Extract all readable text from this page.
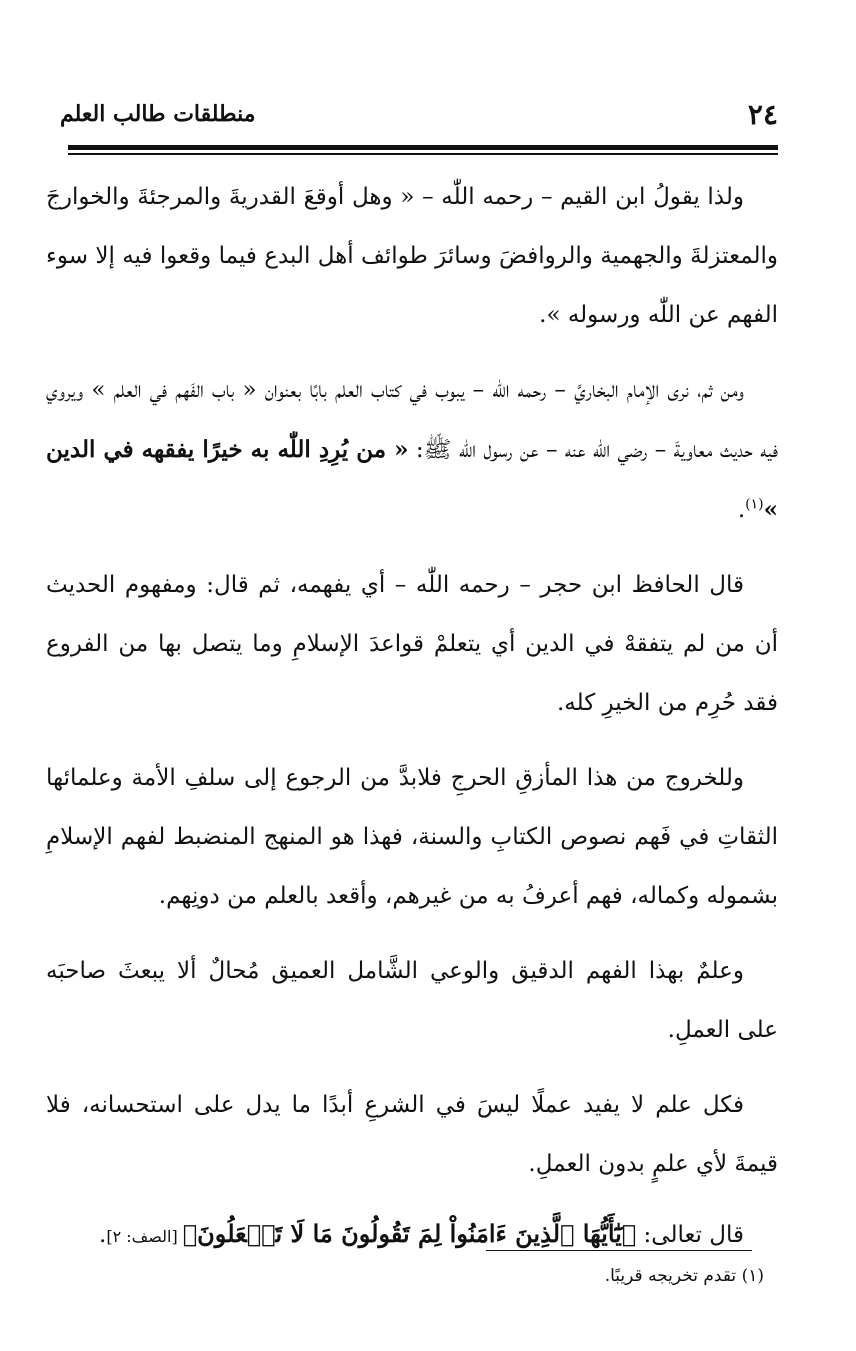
٢٤
منطلقات طالب العلم

ولذا يقولُ ابن القيم – رحمه اللّٰه – « وهل أوقعَ القدريةَ والمرجئةَ والخوارجَ والمعتزلةَ والجهمية والروافضَ وسائرَ طوائف أهل البدع فيما وقعوا فيه إلا سوء الفهم عن اللّٰه ورسوله ».

ومن ثم، نرى الإمام البخاريَّ – رحمه اللّٰه – يبوب في كتاب العلم بابًا بعنوان « باب الفَهم في العلم » ويروي فيه حديث معاويةَ – رضي اللّٰه عنه – عن رسول اللّٰه ﷺ: « من يُرِدِ اللّٰه به خيرًا يفقهه في الدين »$^{(١)}$.

قال الحافظ ابن حجر – رحمه اللّٰه – أي يفهمه، ثم قال: ومفهوم الحديث أن من لم يتفقهْ في الدين أي يتعلمْ قواعدَ الإسلامِ وما يتصل بها من الفروع فقد حُرِم من الخيرِ كله.

وللخروج من هذا المأزقِ الحرجِ فلابدَّ من الرجوع إلى سلفِ الأمة وعلمائها الثقاتِ في فَهم نصوص الكتابِ والسنة، فهذا هو المنهج المنضبط لفهم الإسلامِ بشموله وكماله، فهم أعرفُ به من غيرهم، وأقعد بالعلم من دونِهم.

وعلمٌ بهذا الفهم الدقيق والوعي الشَّامل العميق مُحالٌ ألا يبعثَ صاحبَه على العملِ.

فكل علم لا يفيد عملًا ليسَ في الشرعِ أبدًا ما يدل على استحسانه، فلا قيمةَ لأي علمٍ بدون العملِ.

قال تعالى: ﴿يَٰٓأَيُّهَا ٱلَّذِينَ ءَامَنُواْ لِمَ تَقُولُونَ مَا لَا تَفۡعَلُونَ﴾ [الصف: ٢].

(١) تقدم تخريجه قريبًا.
